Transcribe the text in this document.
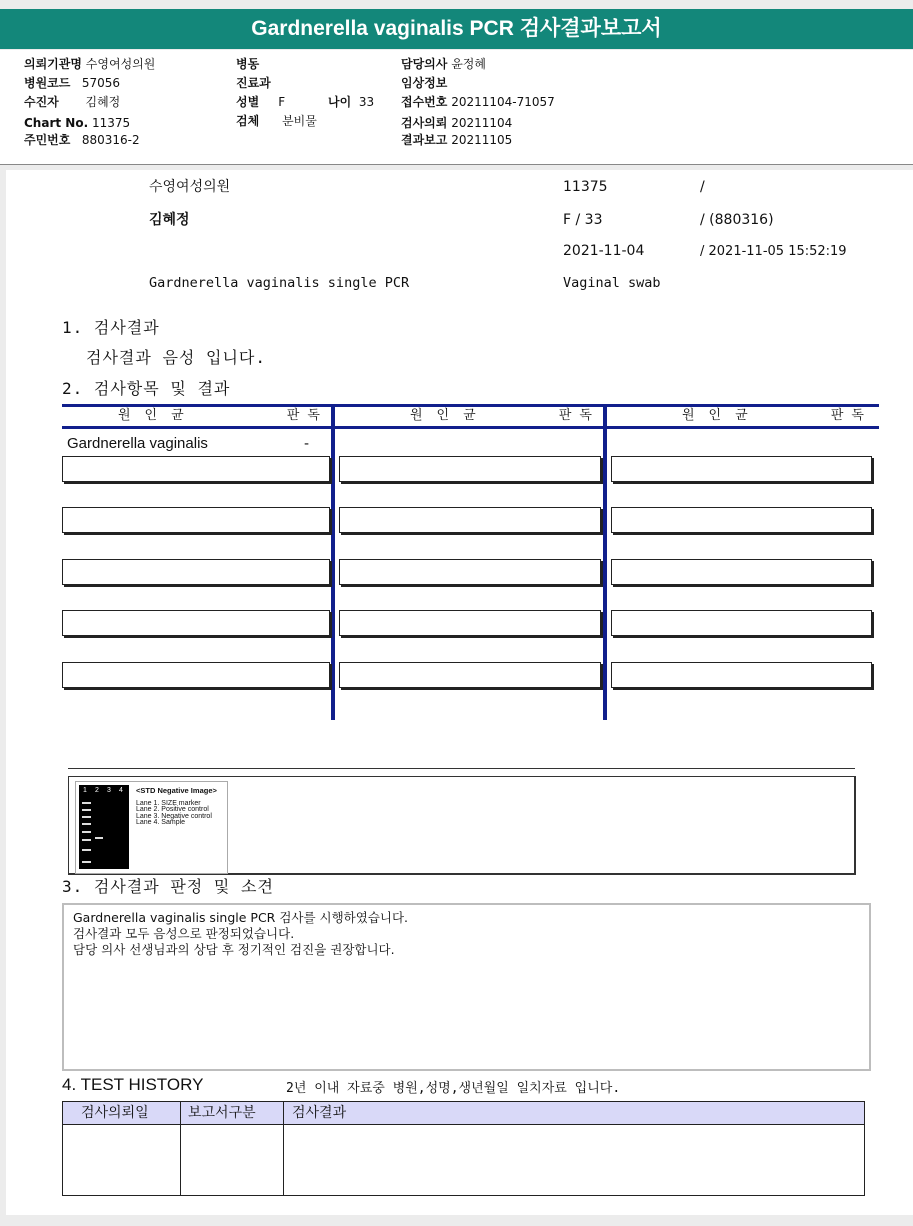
Gardnerella vaginalis PCR 검사결과보고서
의뢰기관명 수영여성의원
병원코드 57056
수진자 김혜정
Chart No. 11375
주민번호 880316-2
병동
진료과
성별 F	나이 33
검체 분비물
담당의사 윤정혜
임상정보
접수번호 20211104-71057
검사의뢰 20211104
결과보고 20211105
수영여성의원	11375	/
김혜정	F / 33	/ (880316)
2021-11-04	/ 2021-11-05 15:52:19
Gardnerella vaginalis single PCR	Vaginal swab
1. 검사결과
검사결과 음성 입니다.
2. 검사항목 및 결과
원인균	판독	원인균	판독	원인균	판독
Gardnerella vaginalis	-
1 2 3 4 <STD Negative Image>
Lane 1. SIZE marker
Lane 2. Positive control
Lane 3. Negative control
Lane 4. Sample
3. 검사결과 판정 및 소견
Gardnerella vaginalis single PCR 검사를 시행하였습니다.
검사결과 모두 음성으로 판정되었습니다.
담당 의사 선생님과의 상담 후 정기적인 검진을 권장합니다.
4. TEST HISTORY	2년 이내 자료중 병원,성명,생년월일 일치자료 입니다.
검사의뢰일	보고서구분	검사결과
